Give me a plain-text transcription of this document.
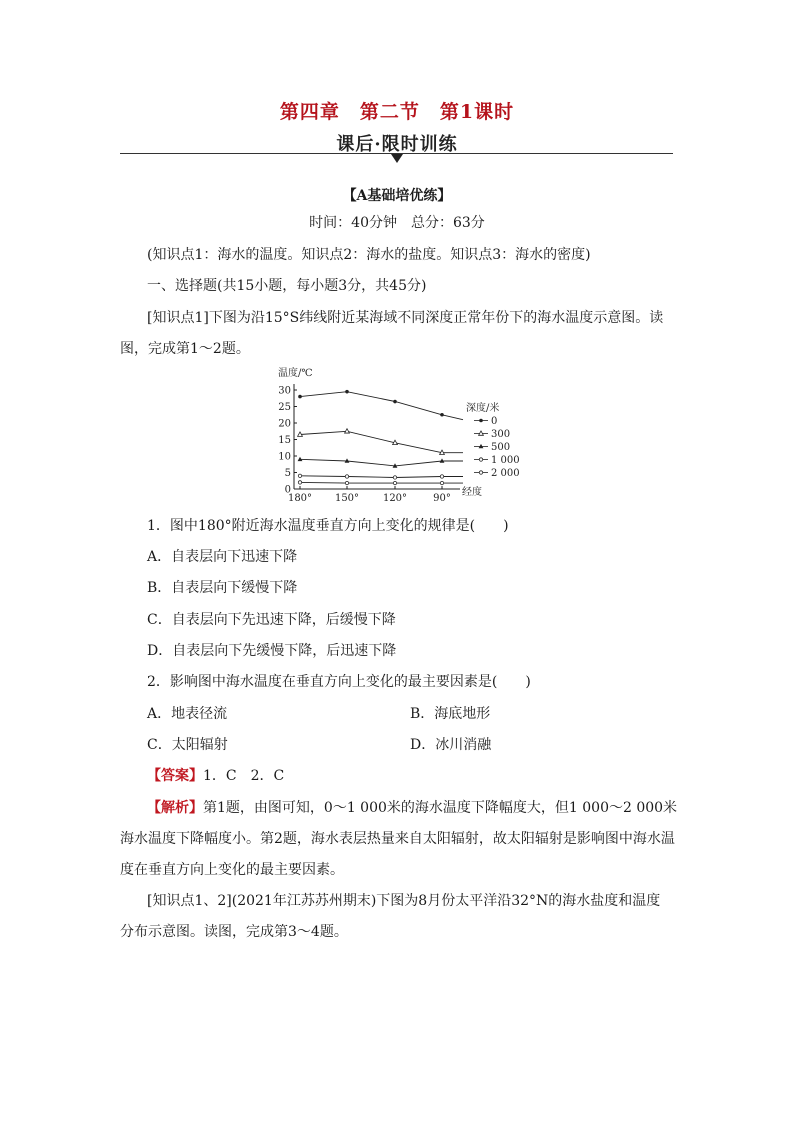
第四章　第二节　第1课时
课后·限时训练
【A基础培优练】
时间：40分钟　总分：63分
(知识点1：海水的温度。知识点2：海水的盐度。知识点3：海水的密度)
一、选择题(共15小题，每小题3分，共45分)
[知识点1]下图为沿15°S纬线附近某海域不同深度正常年份下的海水温度示意图。读
图，完成第1～2题。
温度/℃
经度
30
25
20
15
10
5
0
180° 150° 120°	90°
深度/米
0
300
500
1 000
2 000
1．图中180°附近海水温度垂直方向上变化的规律是(　　)
A．自表层向下迅速下降
B．自表层向下缓慢下降
C．自表层向下先迅速下降，后缓慢下降
D．自表层向下先缓慢下降，后迅速下降
2．影响图中海水温度在垂直方向上变化的最主要因素是(　　)
A．地表径流	B．海底地形
C．太阳辐射	D．冰川消融
【答案】1．C　2．C
【解析】第1题，由图可知，0～1 000米的海水温度下降幅度大，但1 000～2 000米
海水温度下降幅度小。第2题，海水表层热量来自太阳辐射，故太阳辐射是影响图中海水温
度在垂直方向上变化的最主要因素。
[知识点1、2](2021年江苏苏州期末)下图为8月份太平洋沿32°N的海水盐度和温度
分布示意图。读图，完成第3～4题。
